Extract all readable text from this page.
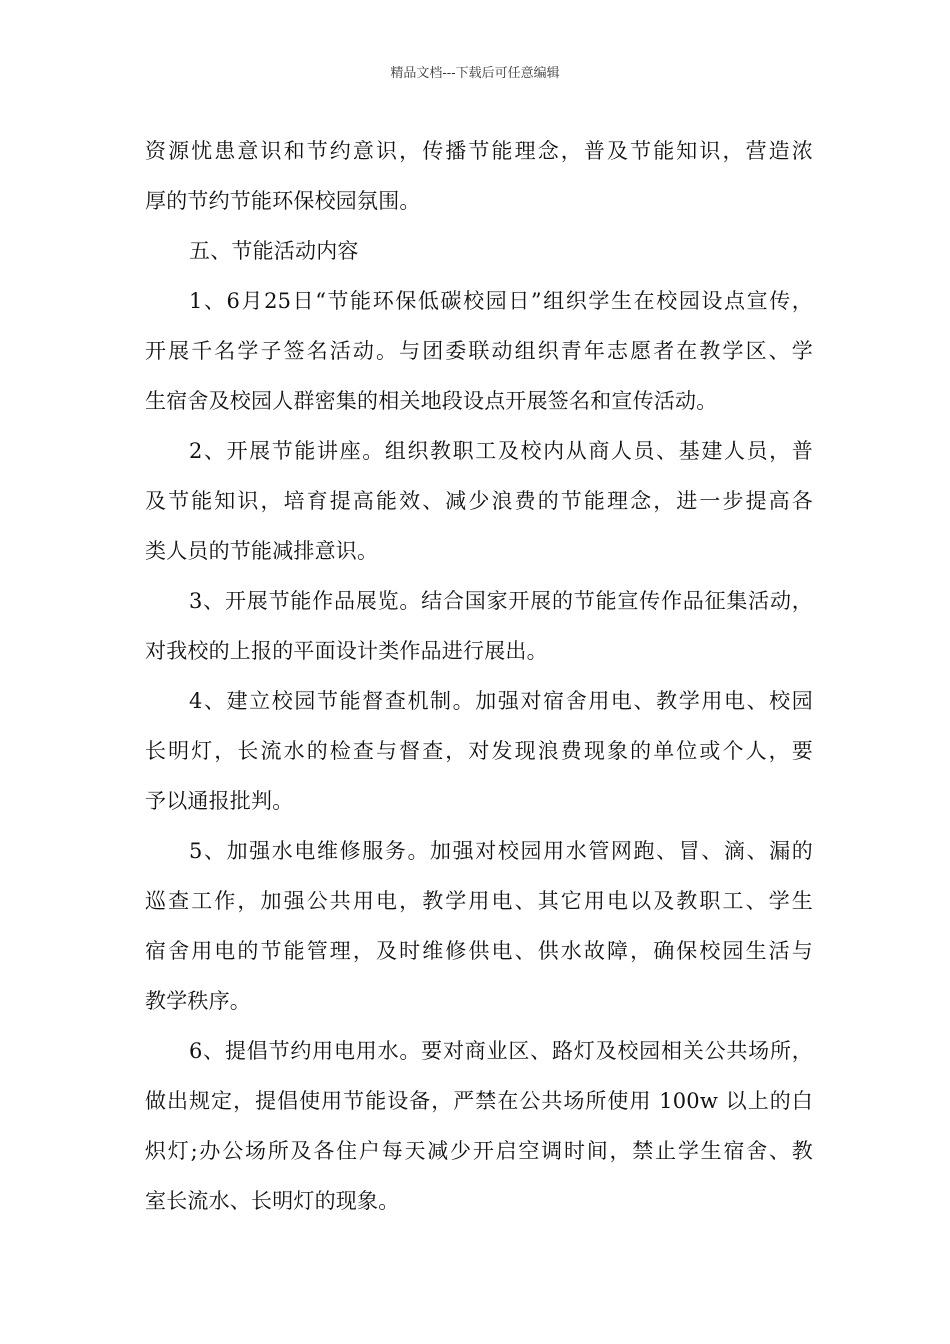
精品文档---下载后可任意编辑
资源忧患意识和节约意识，传播节能理念，普及节能知识，营造浓
厚的节约节能环保校园氛围。
五、节能活动内容
1、6月25日“节能环保低碳校园日”组织学生在校园设点宣传，
开展千名学子签名活动。与团委联动组织青年志愿者在教学区、学
生宿舍及校园人群密集的相关地段设点开展签名和宣传活动。
2、开展节能讲座。组织教职工及校内从商人员、基建人员，普
及节能知识，培育提高能效、减少浪费的节能理念，进一步提高各
类人员的节能减排意识。
3、开展节能作品展览。结合国家开展的节能宣传作品征集活动，
对我校的上报的平面设计类作品进行展出。
4、建立校园节能督查机制。加强对宿舍用电、教学用电、校园
长明灯，长流水的检查与督查，对发现浪费现象的单位或个人，要
予以通报批判。
5、加强水电维修服务。加强对校园用水管网跑、冒、滴、漏的
巡查工作，加强公共用电，教学用电、其它用电以及教职工、学生
宿舍用电的节能管理，及时维修供电、供水故障，确保校园生活与
教学秩序。
6、提倡节约用电用水。要对商业区、路灯及校园相关公共场所，
做出规定，提倡使用节能设备，严禁在公共场所使用 100w 以上的白
炽灯;办公场所及各住户每天减少开启空调时间，禁止学生宿舍、教
室长流水、长明灯的现象。
